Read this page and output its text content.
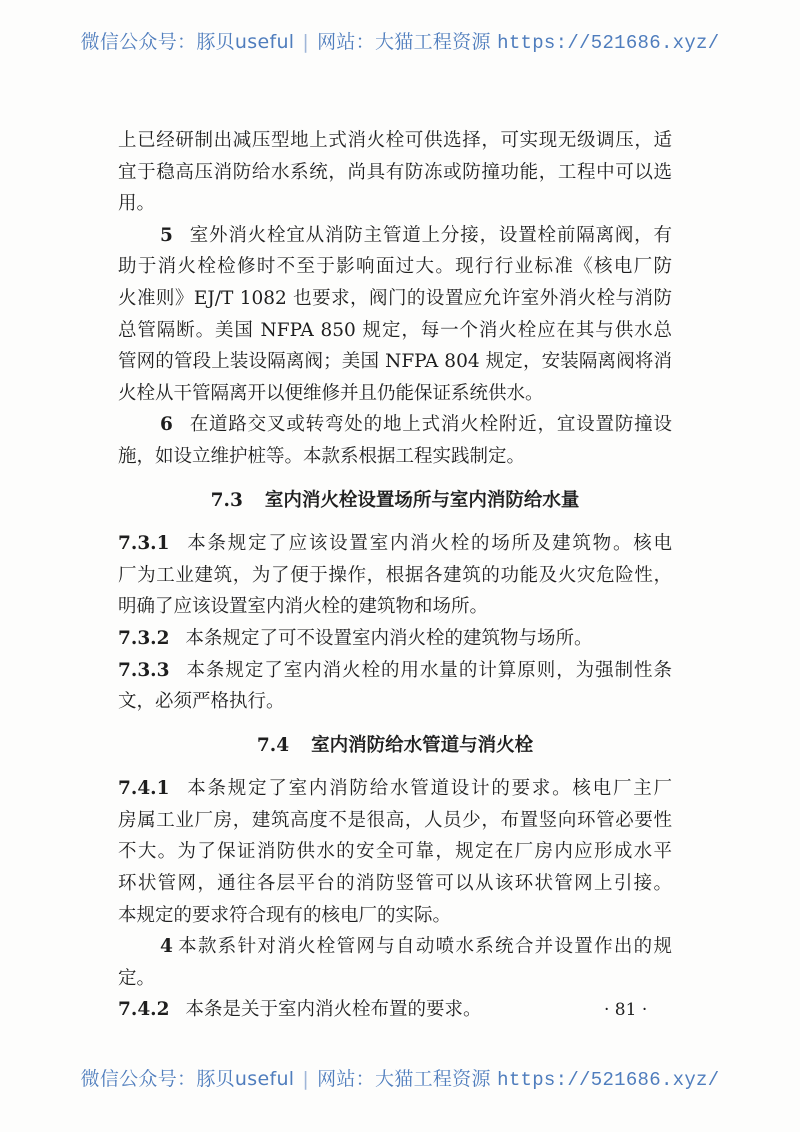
微信公众号：豚贝useful | 网站：大猫工程资源 https://521686.xyz/
上已经研制出减压型地上式消火栓可供选择，可实现无级调压，适
宜于稳高压消防给水系统，尚具有防冻或防撞功能，工程中可以选
用。
5 室外消火栓宜从消防主管道上分接，设置栓前隔离阀，有
助于消火栓检修时不至于影响面过大。现行行业标准《核电厂防
火准则》EJ/T 1082 也要求，阀门的设置应允许室外消火栓与消防
总管隔断。美国 NFPA 850 规定，每一个消火栓应在其与供水总
管网的管段上装设隔离阀；美国 NFPA 804 规定，安装隔离阀将消
火栓从干管隔离开以便维修并且仍能保证系统供水。
6 在道路交叉或转弯处的地上式消火栓附近，宜设置防撞设
施，如设立维护桩等。本款系根据工程实践制定。
7.3 室内消火栓设置场所与室内消防给水量
7.3.1 本条规定了应该设置室内消火栓的场所及建筑物。核电
厂为工业建筑，为了便于操作，根据各建筑的功能及火灾危险性，
明确了应该设置室内消火栓的建筑物和场所。
7.3.2 本条规定了可不设置室内消火栓的建筑物与场所。
7.3.3 本条规定了室内消火栓的用水量的计算原则，为强制性条
文，必须严格执行。
7.4 室内消防给水管道与消火栓
7.4.1 本条规定了室内消防给水管道设计的要求。核电厂主厂
房属工业厂房，建筑高度不是很高，人员少，布置竖向环管必要性
不大。为了保证消防供水的安全可靠，规定在厂房内应形成水平
环状管网，通往各层平台的消防竖管可以从该环状管网上引接。
本规定的要求符合现有的核电厂的实际。
4 本款系针对消火栓管网与自动喷水系统合并设置作出的规
定。
7.4.2 本条是关于室内消火栓布置的要求。	· 81 ·
微信公众号：豚贝useful | 网站：大猫工程资源 https://521686.xyz/
